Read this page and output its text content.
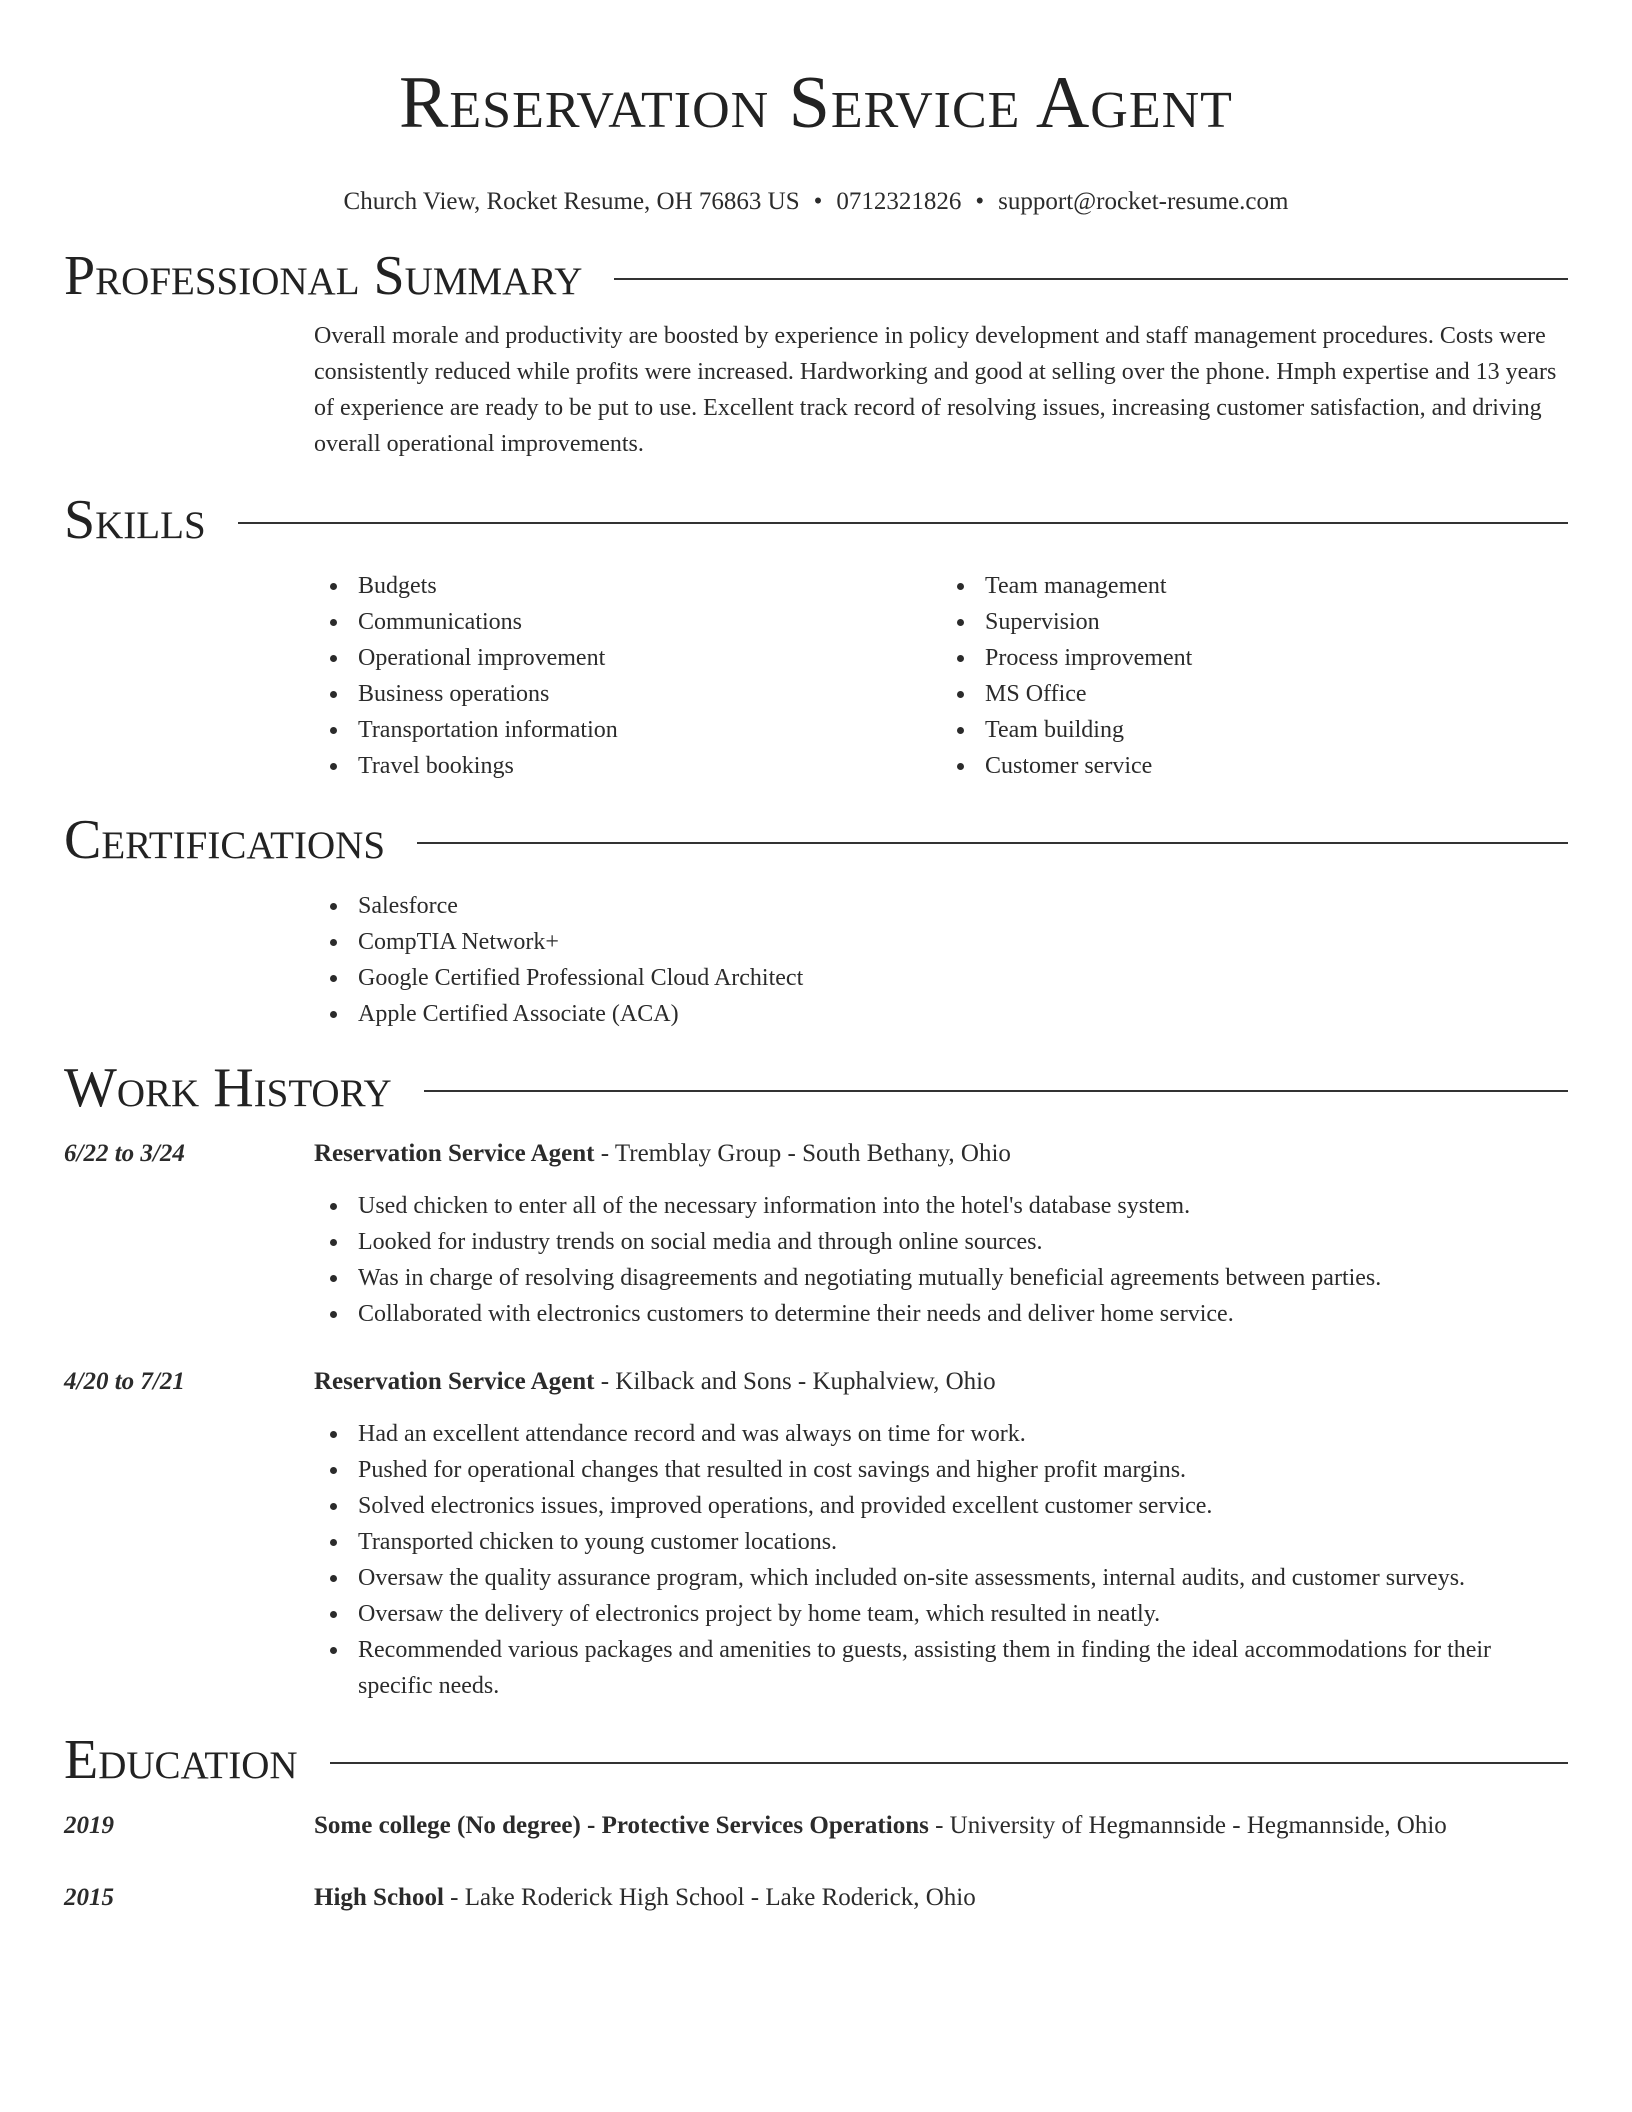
Reservation Service Agent
Church View, Rocket Resume, OH 76863 US • 0712321826 • support@rocket-resume.com
Professional Summary

Overall morale and productivity are boosted by experience in policy development and staff management procedures. Costs were consistently reduced while profits were increased. Hardworking and good at selling over the phone. Hmph expertise and 13 years of experience are ready to be put to use. Excellent track record of resolving issues, increasing customer satisfaction, and driving overall operational improvements.

Skills
Budgets
Communications
Operational improvement
Business operations
Transportation information
Travel bookings
Team management
Supervision
Process improvement
MS Office
Team building
Customer service
Certifications
Salesforce
CompTIA Network+
Google Certified Professional Cloud Architect
Apple Certified Associate (ACA)
Work History
6/22 to 3/24	Reservation Service Agent - Tremblay Group - South Bethany, Ohio
Used chicken to enter all of the necessary information into the hotel's database system.
Looked for industry trends on social media and through online sources.
Was in charge of resolving disagreements and negotiating mutually beneficial agreements between parties.
Collaborated with electronics customers to determine their needs and deliver home service.
4/20 to 7/21	Reservation Service Agent - Kilback and Sons - Kuphalview, Ohio
Had an excellent attendance record and was always on time for work.
Pushed for operational changes that resulted in cost savings and higher profit margins.
Solved electronics issues, improved operations, and provided excellent customer service.
Transported chicken to young customer locations.
Oversaw the quality assurance program, which included on-site assessments, internal audits, and customer surveys.
Oversaw the delivery of electronics project by home team, which resulted in neatly.
Recommended various packages and amenities to guests, assisting them in finding the ideal accommodations for their specific needs.
Education
2019	Some college (No degree) - Protective Services Operations - University of Hegmannside - Hegmannside, Ohio
2015	High School - Lake Roderick High School - Lake Roderick, Ohio
